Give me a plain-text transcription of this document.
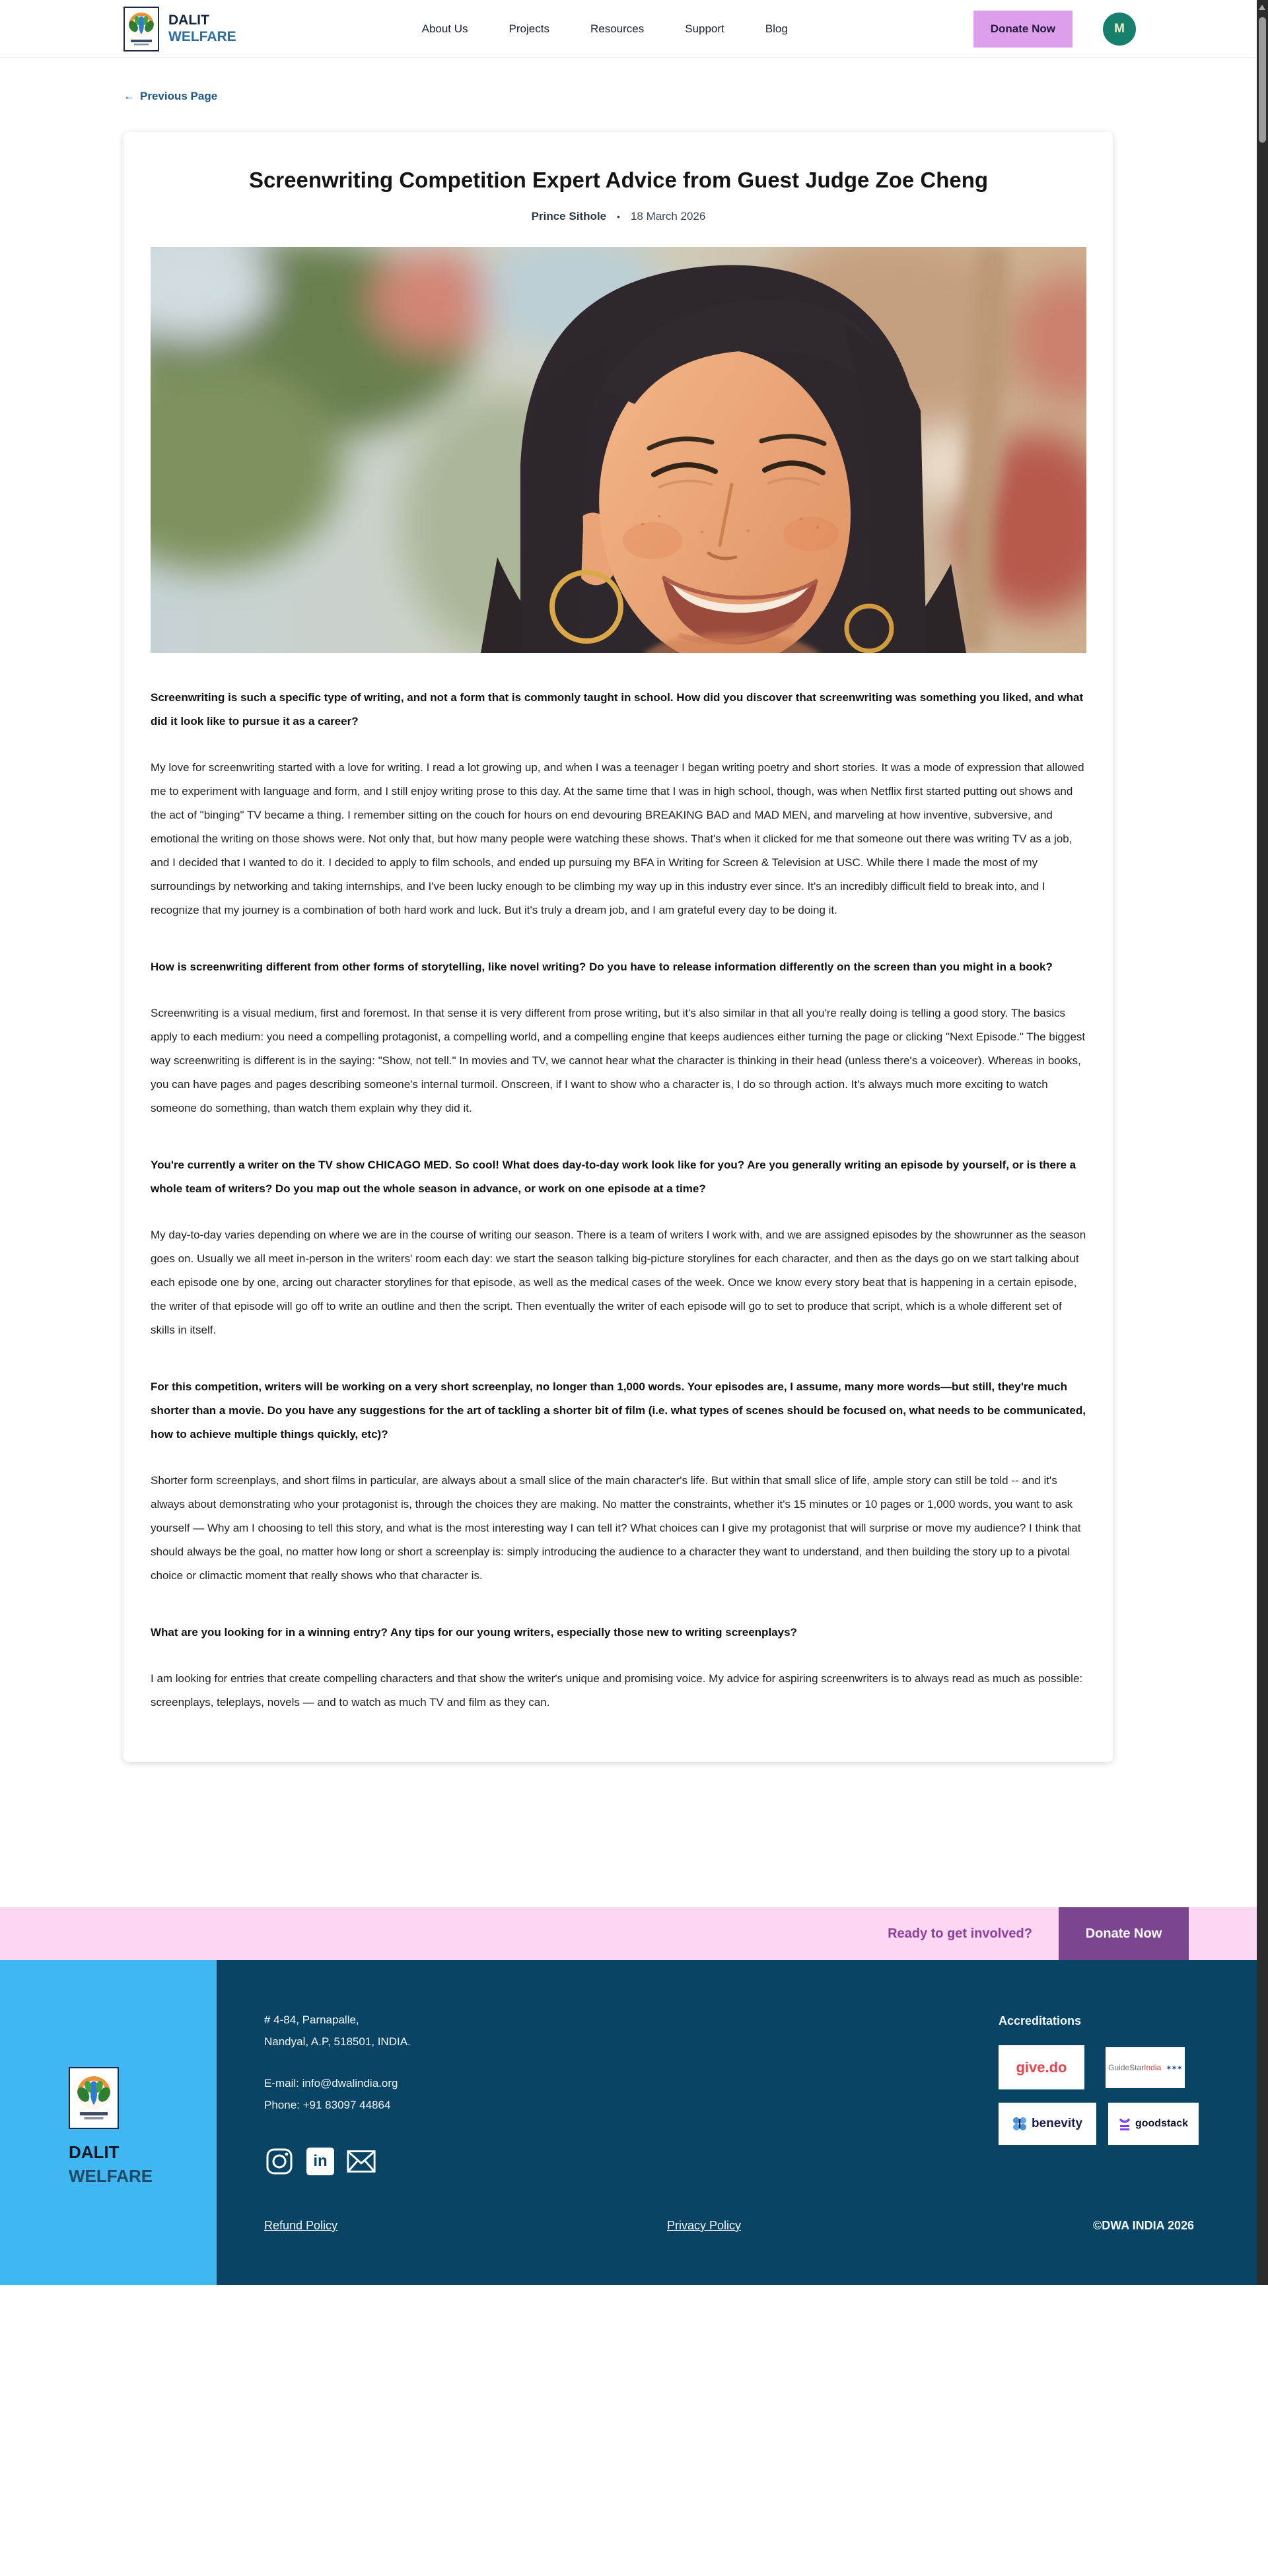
DALIT
WELFARE
About Us	Projects	Resources	Support	Blog	Donate Now	M
← Previous Page
Screenwriting Competition Expert Advice from Guest Judge Zoe Cheng
Prince Sithole • 18 March 2026

Screenwriting is such a specific type of writing, and not a form that is commonly taught in school. How did you discover that screenwriting was something you liked, and what did it look like to pursue it as a career?

My love for screenwriting started with a love for writing. I read a lot growing up, and when I was a teenager I began writing poetry and short stories. It was a mode of expression that allowed me to experiment with language and form, and I still enjoy writing prose to this day. At the same time that I was in high school, though, was when Netflix first started putting out shows and the act of "binging" TV became a thing. I remember sitting on the couch for hours on end devouring BREAKING BAD and MAD MEN, and marveling at how inventive, subversive, and emotional the writing on those shows were. Not only that, but how many people were watching these shows. That's when it clicked for me that someone out there was writing TV as a job, and I decided that I wanted to do it. I decided to apply to film schools, and ended up pursuing my BFA in Writing for Screen & Television at USC. While there I made the most of my surroundings by networking and taking internships, and I've been lucky enough to be climbing my way up in this industry ever since. It's an incredibly difficult field to break into, and I recognize that my journey is a combination of both hard work and luck. But it's truly a dream job, and I am grateful every day to be doing it.

How is screenwriting different from other forms of storytelling, like novel writing? Do you have to release information differently on the screen than you might in a book?

Screenwriting is a visual medium, first and foremost. In that sense it is very different from prose writing, but it's also similar in that all you're really doing is telling a good story. The basics apply to each medium: you need a compelling protagonist, a compelling world, and a compelling engine that keeps audiences either turning the page or clicking "Next Episode." The biggest way screenwriting is different is in the saying: "Show, not tell." In movies and TV, we cannot hear what the character is thinking in their head (unless there's a voiceover). Whereas in books, you can have pages and pages describing someone's internal turmoil. Onscreen, if I want to show who a character is, I do so through action. It's always much more exciting to watch someone do something, than watch them explain why they did it.

You're currently a writer on the TV show CHICAGO MED. So cool! What does day-to-day work look like for you? Are you generally writing an episode by yourself, or is there a whole team of writers? Do you map out the whole season in advance, or work on one episode at a time?

My day-to-day varies depending on where we are in the course of writing our season. There is a team of writers I work with, and we are assigned episodes by the showrunner as the season goes on. Usually we all meet in-person in the writers' room each day: we start the season talking big-picture storylines for each character, and then as the days go on we start talking about each episode one by one, arcing out character storylines for that episode, as well as the medical cases of the week. Once we know every story beat that is happening in a certain episode, the writer of that episode will go off to write an outline and then the script. Then eventually the writer of each episode will go to set to produce that script, which is a whole different set of skills in itself.

For this competition, writers will be working on a very short screenplay, no longer than 1,000 words. Your episodes are, I assume, many more words—but still, they're much shorter than a movie. Do you have any suggestions for the art of tackling a shorter bit of film (i.e. what types of scenes should be focused on, what needs to be communicated, how to achieve multiple things quickly, etc)?

Shorter form screenplays, and short films in particular, are always about a small slice of the main character's life. But within that small slice of life, ample story can still be told -- and it's always about demonstrating who your protagonist is, through the choices they are making. No matter the constraints, whether it's 15 minutes or 10 pages or 1,000 words, you want to ask yourself — Why am I choosing to tell this story, and what is the most interesting way I can tell it? What choices can I give my protagonist that will surprise or move my audience? I think that should always be the goal, no matter how long or short a screenplay is: simply introducing the audience to a character they want to understand, and then building the story up to a pivotal choice or climactic moment that really shows who that character is.

What are you looking for in a winning entry? Any tips for our young writers, especially those new to writing screenplays?

I am looking for entries that create compelling characters and that show the writer's unique and promising voice. My advice for aspiring screenwriters is to always read as much as possible: screenplays, teleplays, novels — and to watch as much TV and film as they can.

Ready to get involved?	Donate Now
DALIT
WELFARE
# 4-84, Parnapalle,
Nandyal, A.P, 518501, INDIA.
E-mail: info@dwalindia.org
Phone: +91 83097 44864
in
Accreditations
give.do	GuideStarIndia ✶✶✶
benevity	goodstack
Refund Policy	Privacy Policy	©DWA INDIA 2026
